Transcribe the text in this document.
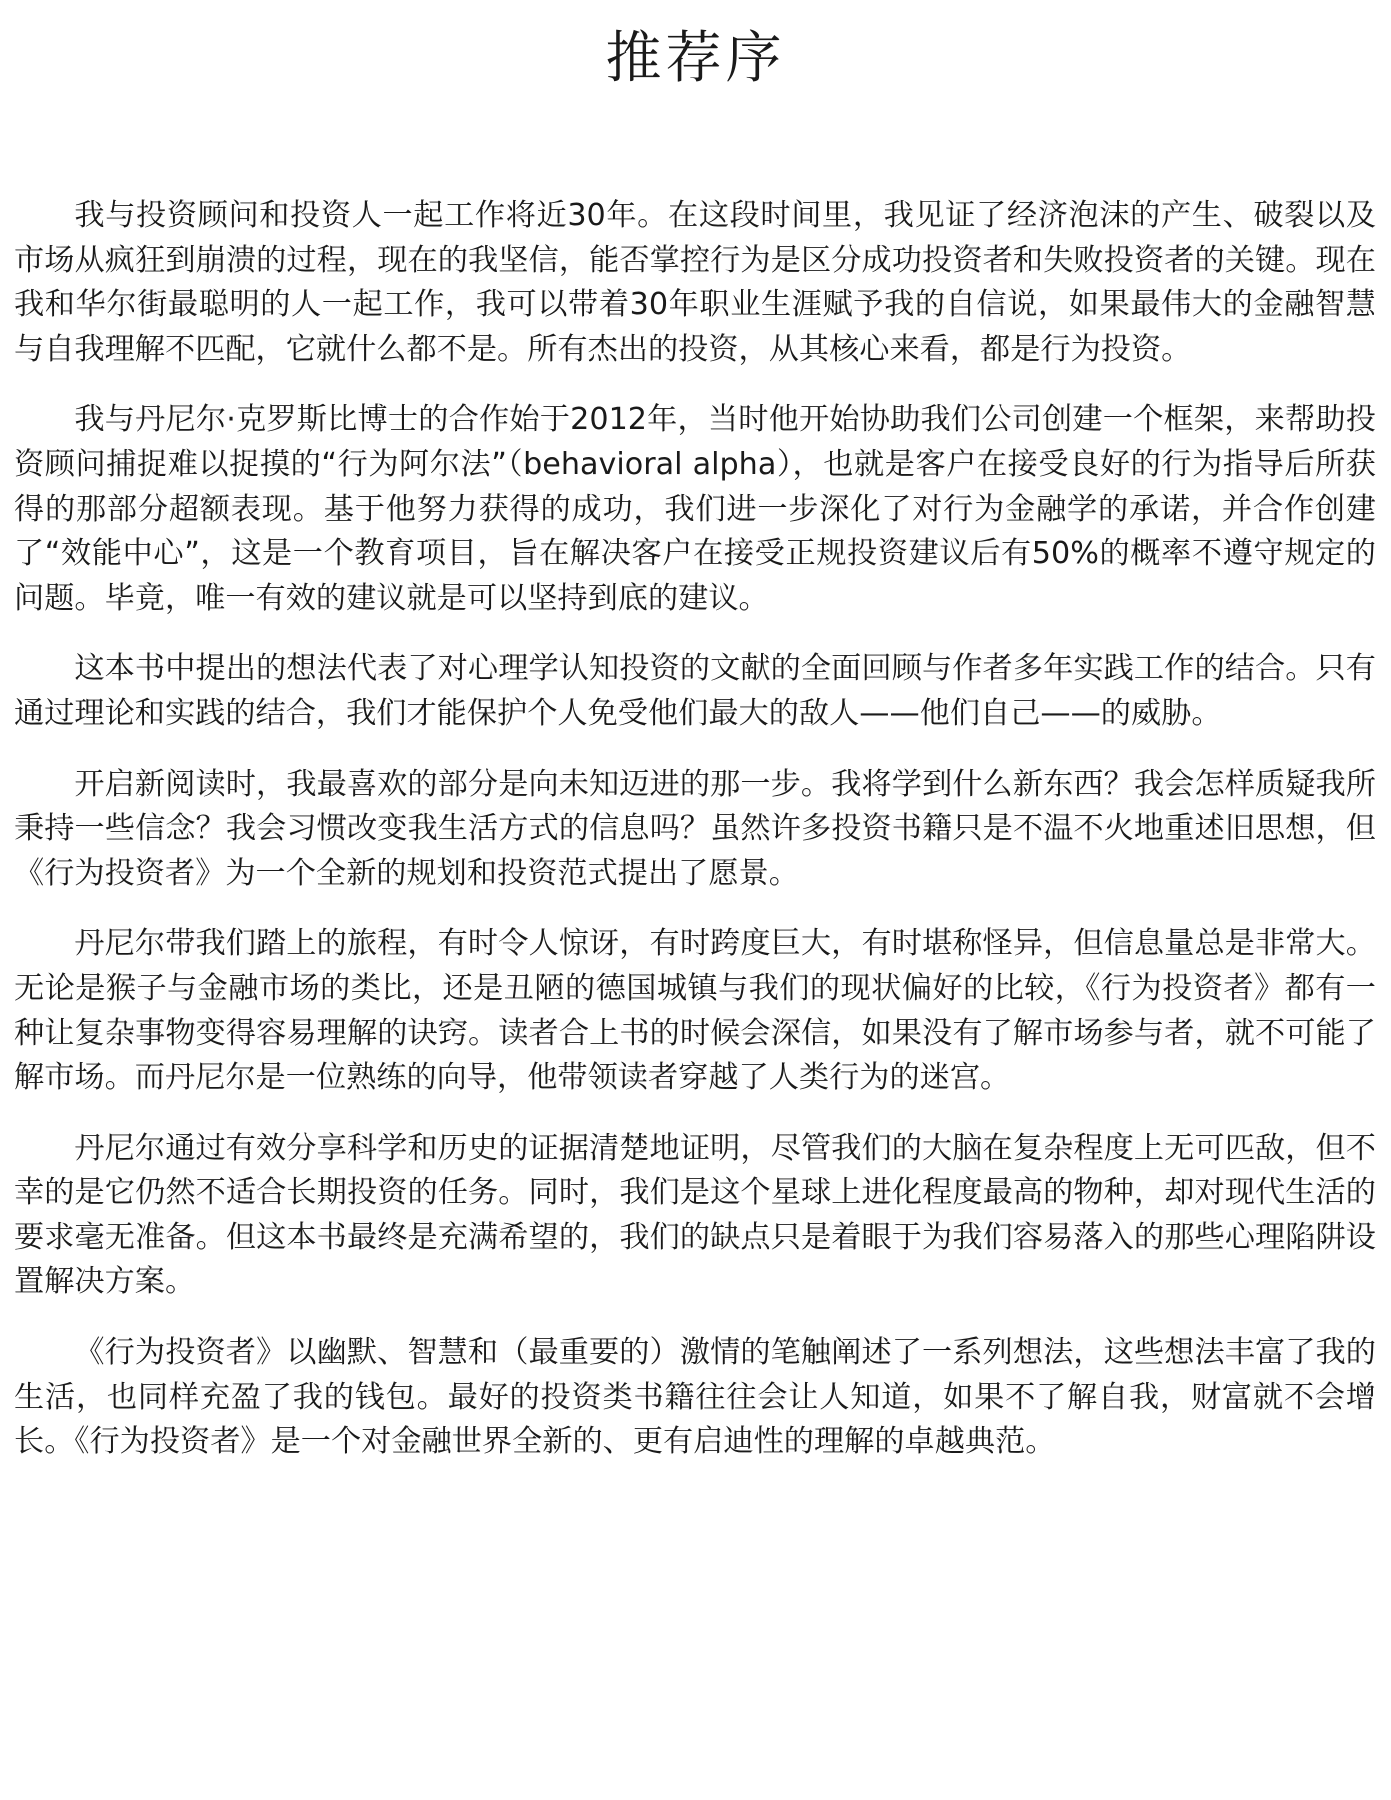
推荐序

我与投资顾问和投资人一起工作将近30年。在这段时间里，我见证了经济泡沫的产生、破裂以及市场从疯狂到崩溃的过程，现在的我坚信，能否掌控行为是区分成功投资者和失败投资者的关键。现在我和华尔街最聪明的人一起工作，我可以带着30年职业生涯赋予我的自信说，如果最伟大的金融智慧与自我理解不匹配，它就什么都不是。所有杰出的投资，从其核心来看，都是行为投资。

我与丹尼尔·克罗斯比博士的合作始于2012年，当时他开始协助我们公司创建一个框架，来帮助投资顾问捕捉难以捉摸的“行为阿尔法”（behavioral alpha），也就是客户在接受良好的行为指导后所获得的那部分超额表现。基于他努力获得的成功，我们进一步深化了对行为金融学的承诺，并合作创建了“效能中心”，这是一个教育项目，旨在解决客户在接受正规投资建议后有50%的概率不遵守规定的问题。毕竟，唯一有效的建议就是可以坚持到底的建议。

这本书中提出的想法代表了对心理学认知投资的文献的全面回顾与作者多年实践工作的结合。只有通过理论和实践的结合，我们才能保护个人免受他们最大的敌人——他们自己——的威胁。

开启新阅读时，我最喜欢的部分是向未知迈进的那一步。我将学到什么新东西？我会怎样质疑我所秉持一些信念？我会习惯改变我生活方式的信息吗？虽然许多投资书籍只是不温不火地重述旧思想，但《行为投资者》为一个全新的规划和投资范式提出了愿景。

丹尼尔带我们踏上的旅程，有时令人惊讶，有时跨度巨大，有时堪称怪异，但信息量总是非常大。无论是猴子与金融市场的类比，还是丑陋的德国城镇与我们的现状偏好的比较，《行为投资者》都有一种让复杂事物变得容易理解的诀窍。读者合上书的时候会深信，如果没有了解市场参与者，就不可能了解市场。而丹尼尔是一位熟练的向导，他带领读者穿越了人类行为的迷宫。

丹尼尔通过有效分享科学和历史的证据清楚地证明，尽管我们的大脑在复杂程度上无可匹敌，但不幸的是它仍然不适合长期投资的任务。同时，我们是这个星球上进化程度最高的物种，却对现代生活的要求毫无准备。但这本书最终是充满希望的，我们的缺点只是着眼于为我们容易落入的那些心理陷阱设置解决方案。

《行为投资者》以幽默、智慧和（最重要的）激情的笔触阐述了一系列想法，这些想法丰富了我的生活，也同样充盈了我的钱包。最好的投资类书籍往往会让人知道，如果不了解自我，财富就不会增长。《行为投资者》是一个对金融世界全新的、更有启迪性的理解的卓越典范。
